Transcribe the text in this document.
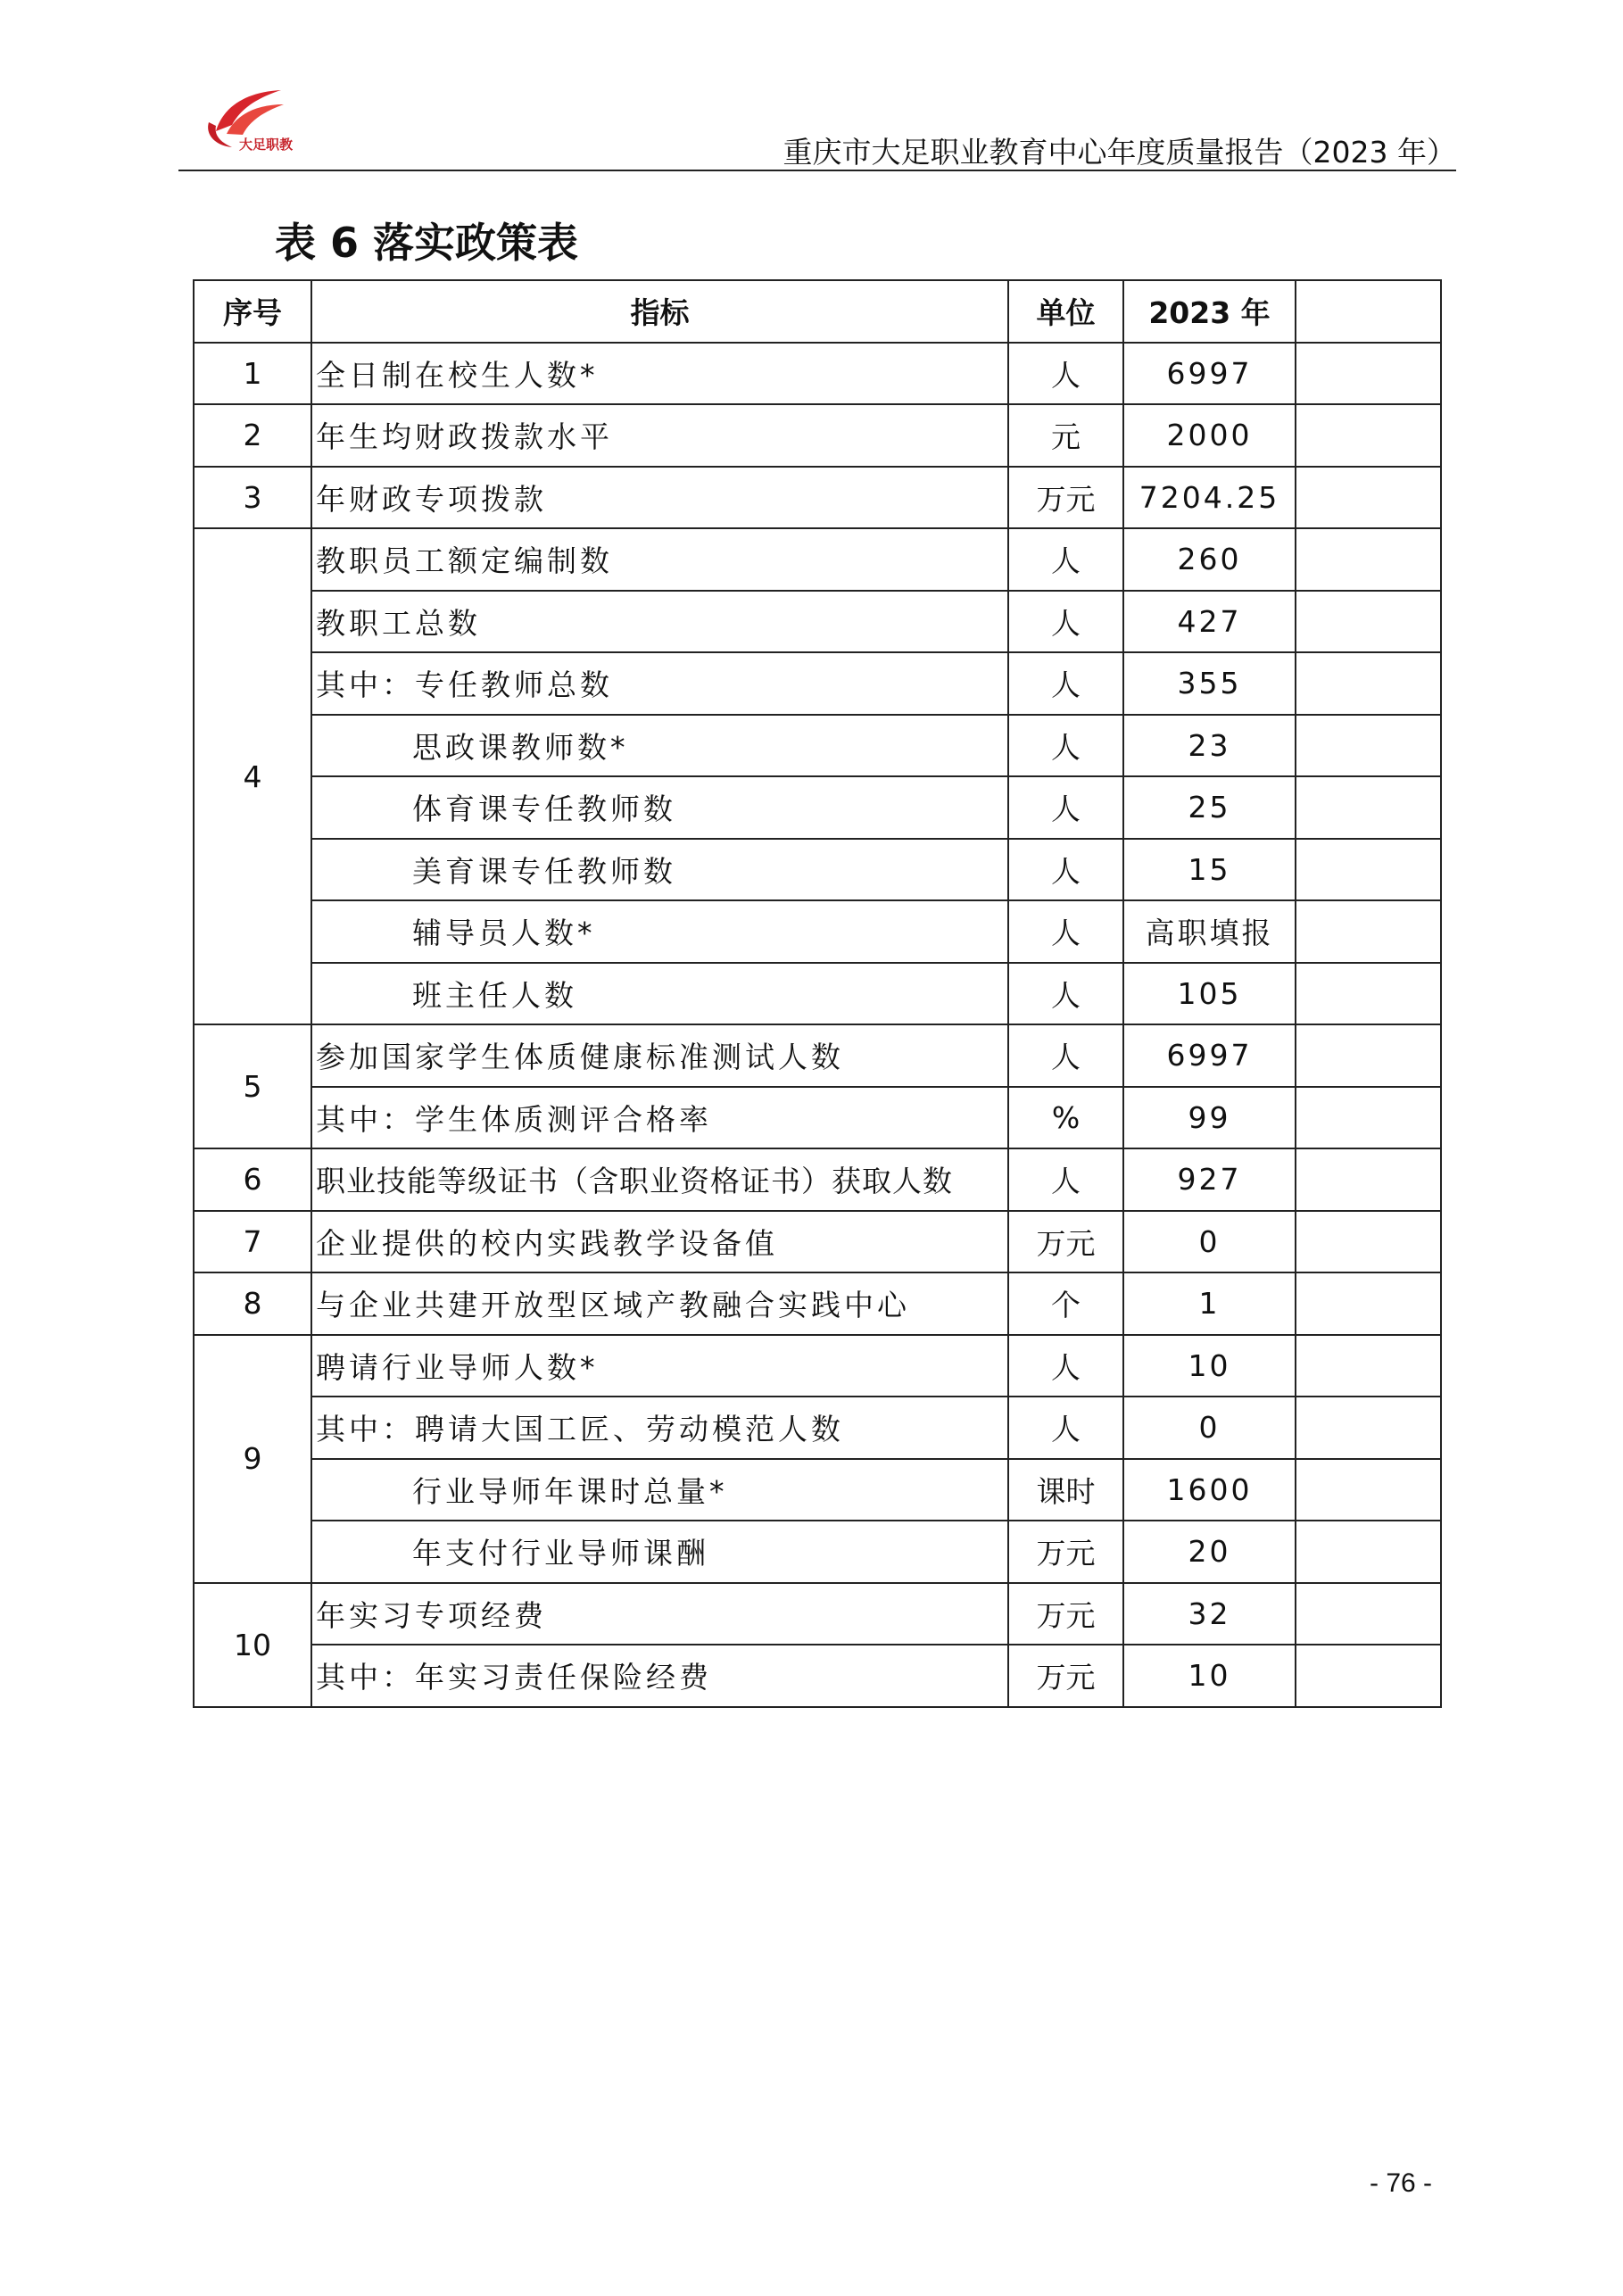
大足职教	重庆市大足职业教育中心年度质量报告（2023 年）
表 6 落实政策表
序号	指标	单位	2023 年	
1	全日制在校生人数*	人	6997	
2	年生均财政拨款水平	元	2000	
3	年财政专项拨款	万元	7204.25	
4	教职员工额定编制数	人	260	
	教职工总数	人	427	
	其中：专任教师总数	人	355	
	思政课教师数*	人	23	
	体育课专任教师数	人	25	
	美育课专任教师数	人	15	
	辅导员人数*	人	高职填报	
	班主任人数	人	105	
5	参加国家学生体质健康标准测试人数	人	6997	
	其中：学生体质测评合格率	%	99	
6	职业技能等级证书（含职业资格证书）获取人数	人	927	
7	企业提供的校内实践教学设备值	万元	0	
8	与企业共建开放型区域产教融合实践中心	个	1	
9	聘请行业导师人数*	人	10	
	其中：聘请大国工匠、劳动模范人数	人	0	
	行业导师年课时总量*	课时	1600	
	年支付行业导师课酬	万元	20	
10	年实习专项经费	万元	32	
	其中：年实习责任保险经费	万元	10	
- 76 -
